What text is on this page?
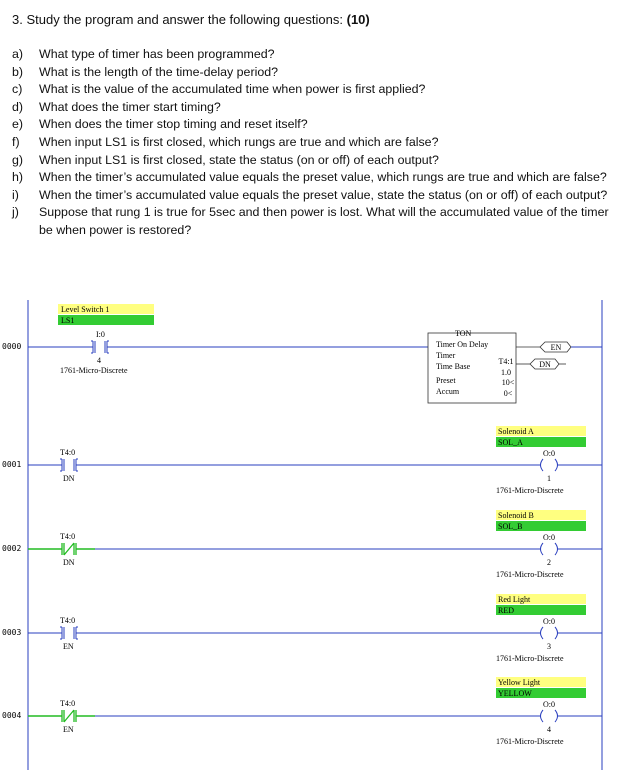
3. Study the program and answer the following questions: (10)
a)	What type of timer has been programmed?
b)	What is the length of the time-delay period?
c)	What is the value of the accumulated time when power is first applied?
d)	What does the timer start timing?
e)	When does the timer stop timing and reset itself?
f)	When input LS1 is first closed, which rungs are true and which are false?
g)	When input LS1 is first closed, state the status (on or off) of each output?
h)	When the timer’s accumulated value equals the preset value, which rungs are true and which are false?
i)	When the timer’s accumulated value equals the preset value, state the status (on or off) of each output?
j)	Suppose that rung 1 is true for 5sec and then power is lost. What will the accumulated value of the timer be when power is restored?
0000
Level Switch 1
LS1
I:0
4
1761-Micro-Discrete
TON
Timer On Delay
Timer
T4:1
Time Base
1.0
Preset	10<
Accum	0<
EN
DN
0001
T4:0
DN
Solenoid A
SOL_A
O:0
1
1761-Micro-Discrete
0002
T4:0
DN
Solenoid B
SOL_B
O:0
2
1761-Micro-Discrete
0003
T4:0
EN
Red Light
RED
O:0
3
1761-Micro-Discrete
0004
T4:0
EN
Yellow Light
YELLOW
O:0
4
1761-Micro-Discrete
